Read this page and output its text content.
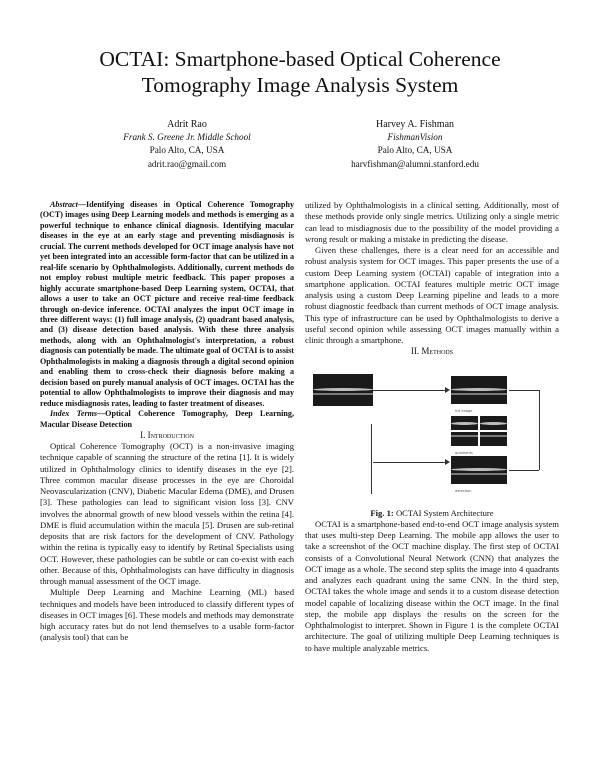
OCTAI: Smartphone-based Optical Coherence
Tomography Image Analysis System
Adrit Rao
Frank S. Greene Jr. Middle School
Palo Alto, CA, USA
adrit.rao@gmail.com
Harvey A. Fishman
FishmanVision
Palo Alto, CA, USA
harvfishman@alumni.stanford.edu

Abstract—Identifying diseases in Optical Coherence Tomography (OCT) images using Deep Learning models and methods is emerging as a powerful technique to enhance clinical diagnosis. Identifying macular diseases in the eye at an early stage and preventing misdiagnosis is crucial. The current methods developed for OCT image analysis have not yet been integrated into an accessible form-factor that can be utilized in a real-life scenario by Ophthalmologists. Additionally, current methods do not employ robust multiple metric feedback. This paper proposes a highly accurate smartphone-based Deep Learning system, OCTAI, that allows a user to take an OCT picture and receive real-time feedback through on-device inference. OCTAI analyzes the input OCT image in three different ways: (1) full image analysis, (2) quadrant based analysis, and (3) disease detection based analysis. With these three analysis methods, along with an Ophthalmologist's interpretation, a robust diagnosis can potentially be made. The ultimate goal of OCTAI is to assist Ophthalmologists in making a diagnosis through a digital second opinion and enabling them to cross-check their diagnosis before making a decision based on purely manual analysis of OCT images. OCTAI has the potential to allow Ophthalmologists to improve their diagnosis and may reduce misdiagnosis rates, leading to faster treatment of diseases.

Index Terms—Optical Coherence Tomography, Deep Learning, Macular Disease Detection

I. Introduction

Optical Coherence Tomography (OCT) is a non-invasive imaging technique capable of scanning the structure of the retina [1]. It is widely utilized in Ophthalmology clinics to identify diseases in the eye [2]. Three common macular disease processes in the eye are Choroidal Neovascularization (CNV), Diabetic Macular Edema (DME), and Drusen [3]. These pathologies can lead to significant vision loss [3]. CNV involves the abnormal growth of new blood vessels within the retina [4]. DME is fluid accumulation within the macula [5]. Drusen are sub-retinal deposits that are risk factors for the development of CNV. Pathology within the retina is typically easy to identify by Retinal Specialists using OCT. However, these pathologies can be subtle or can co-exist with each other. Because of this, Ophthalmologists can have difficulty in diagnosis through manual assessment of the OCT image.

Multiple Deep Learning and Machine Learning (ML) based techniques and models have been introduced to classify different types of diseases in OCT images [6]. These models and methods may demonstrate high accuracy rates but do not lend themselves to a usable form-factor (analysis tool) that can be

utilized by Ophthalmologists in a clinical setting. Additionally, most of these methods provide only single metrics. Utilizing only a single metric can lead to misdiagnosis due to the possibility of the model providing a wrong result or making a mistake in predicting the disease.

Given these challenges, there is a clear need for an accessible and robust analysis system for OCT images. This paper presents the use of a custom Deep Learning system (OCTAI) capable of integration into a smartphone application. OCTAI features multiple metric OCT image analysis using a custom Deep Learning pipeline and leads to a more robust diagnostic feedback than current methods of OCT image analysis. This type of infrastructure can be used by Ophthalmologists to derive a useful second opinion while assessing OCT images manually within a clinic through a smartphone.

II. Methods

full image
quadrants
detection

Fig. 1: OCTAI System Architecture

OCTAI is a smartphone-based end-to-end OCT image analysis system that uses multi-step Deep Learning. The mobile app allows the user to take a screenshot of the OCT machine display. The first step of OCTAI consists of a Convolutional Neural Network (CNN) that analyzes the OCT image as a whole. The second step splits the image into 4 quadrants and analyzes each quadrant using the same CNN. In the third step, OCTAI takes the whole image and sends it to a custom disease detection model capable of localizing disease within the OCT image. In the final step, the mobile app displays the results on the screen for the Ophthalmologist to interpret. Shown in Figure 1 is the complete OCTAI architecture. The goal of utilizing multiple Deep Learning techniques is to have multiple analyzable metrics.
